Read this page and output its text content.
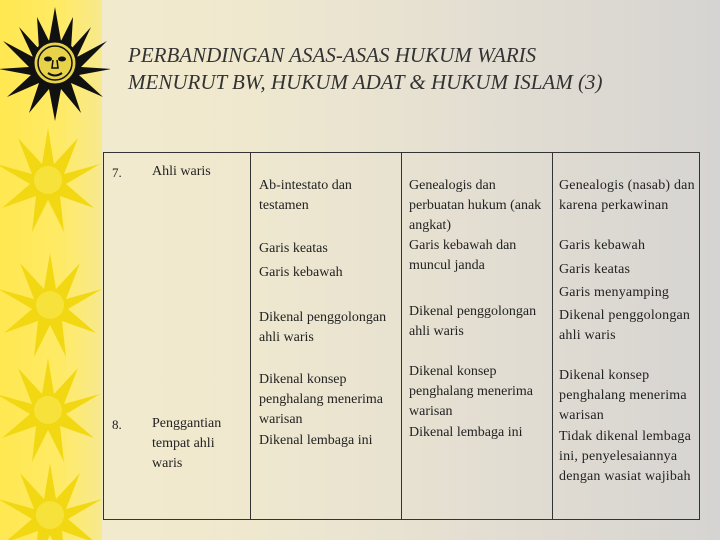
PERBANDINGAN ASAS-ASAS HUKUM WARIS
MENURUT BW, HUKUM ADAT & HUKUM ISLAM (3)
7. Ahli waris

Ab-intestato dan testamen

Garis keatas

Garis kebawah

Genealogis dan perbuatan hukum (anak angkat)

Garis kebawah dan muncul janda

Genealogis (nasab) dan karena perkawinan

Garis kebawah

Garis keatas

Garis menyamping

8. Penggantian tempat ahli waris

Dikenal penggolongan ahli waris

Dikenal konsep penghalang menerima warisan

Dikenal lembaga ini

Dikenal penggolongan ahli waris

Dikenal konsep penghalang menerima warisan

Dikenal lembaga ini

Dikenal penggolongan ahli waris

Dikenal konsep penghalang menerima warisan

Tidak dikenal lembaga ini, penyelesaiannya dengan wasiat wajibah
